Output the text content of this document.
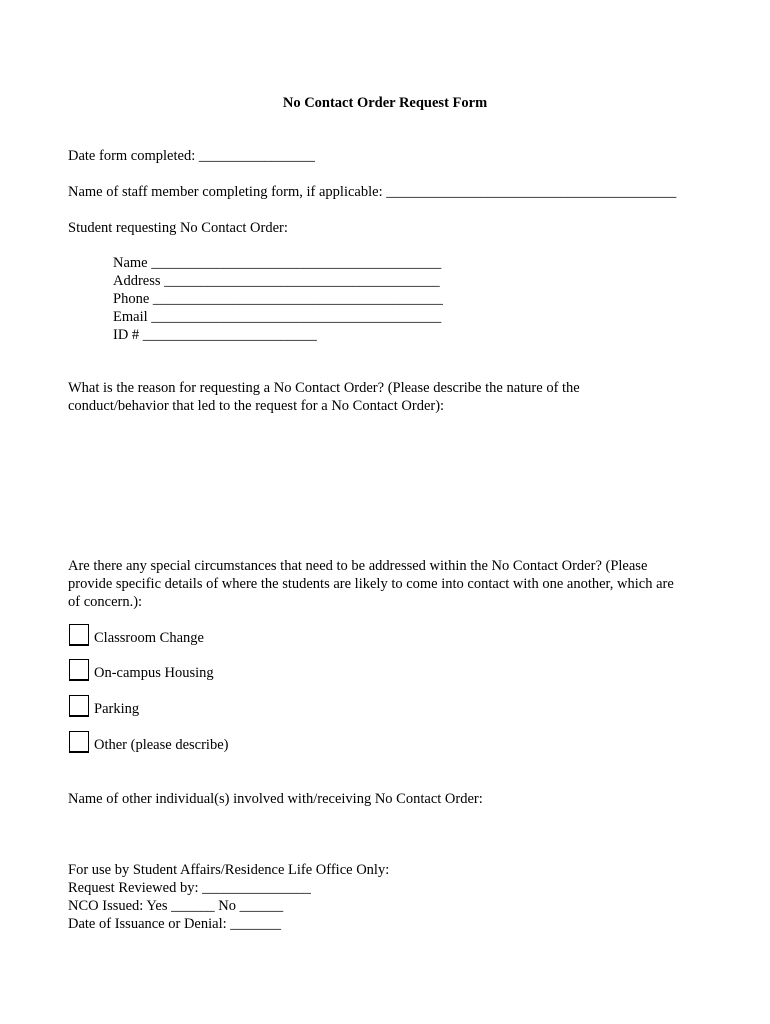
No Contact Order Request Form
Date form completed: ________________
Name of staff member completing form, if applicable: ________________________________________
Student requesting No Contact Order:
Name ________________________________________
Address ______________________________________
Phone ________________________________________
Email ________________________________________
ID # ________________________
What is the reason for requesting a No Contact Order? (Please describe the nature of the
conduct/behavior that led to the request for a No Contact Order):
Are there any special circumstances that need to be addressed within the No Contact Order? (Please
provide specific details of where the students are likely to come into contact with one another, which are
of concern.):
Classroom Change
On-campus Housing
Parking
Other (please describe)
Name of other individual(s) involved with/receiving No Contact Order:
For use by Student Affairs/Residence Life Office Only:
Request Reviewed by: _______________
NCO Issued: Yes ______ No ______
Date of Issuance or Denial: _______
